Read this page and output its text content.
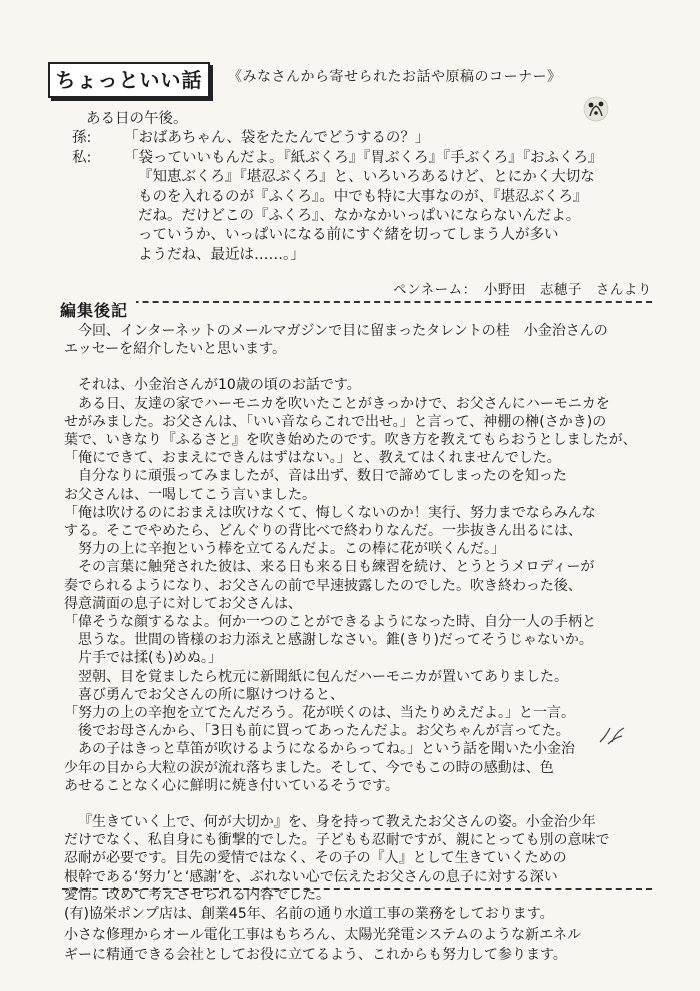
ちょっといい話	《みなさんから寄せられたお話や原稿のコーナー》
ある日の午後。
孫:	「おばあちゃん、袋をたたんでどうするの？」
私:	「袋っていいもんだよ。『紙ぶくろ』『胃ぶくろ』『手ぶくろ』『おふくろ』
『知恵ぶくろ』『堪忍ぶくろ』と、いろいろあるけど、とにかく大切な
ものを入れるのが『ふくろ』。中でも特に大事なのが、『堪忍ぶくろ』
だね。だけどこの『ふくろ』、なかなかいっぱいにならないんだよ。
っていうか、いっぱいになる前にすぐ緒を切ってしまう人が多い
ようだね、最近は……。」
ペンネーム：　小野田　志穂子　さんより
編集後記
今回、インターネットのメールマガジンで目に留まったタレントの桂　小金治さんの
エッセーを紹介したいと思います。
それは、小金治さんが10歳の頃のお話です。
ある日、友達の家でハーモニカを吹いたことがきっかけで、お父さんにハーモニカを
せがみました。お父さんは、「いい音ならこれで出せ。」と言って、神棚の榊(さかき)の
葉で、いきなり『ふるさと』を吹き始めたのです。吹き方を教えてもらおうとしましたが、
「俺にできて、おまえにできんはずはない。」と、教えてはくれませんでした。
自分なりに頑張ってみましたが、音は出ず、数日で諦めてしまったのを知った
お父さんは、一喝してこう言いました。
「俺は吹けるのにおまえは吹けなくて、悔しくないのか！実行、努力までならみんな
する。そこでやめたら、どんぐりの背比べで終わりなんだ。一歩抜きん出るには、
努力の上に辛抱という棒を立てるんだよ。この棒に花が咲くんだ。」
その言葉に触発された彼は、来る日も来る日も練習を続け、とうとうメロディーが
奏でられるようになり、お父さんの前で早速披露したのでした。吹き終わった後、
得意満面の息子に対してお父さんは、
「偉そうな顔するなよ。何か一つのことができるようになった時、自分一人の手柄と
思うな。世間の皆様のお力添えと感謝しなさい。錐(きり)だってそうじゃないか。
片手では揉(も)めぬ。」
翌朝、目を覚ましたら枕元に新聞紙に包んだハーモニカが置いてありました。
喜び勇んでお父さんの所に駆けつけると、
「努力の上の辛抱を立てたんだろう。花が咲くのは、当たりめえだよ。」と一言。
後でお母さんから、「3日も前に買ってあったんだよ。お父ちゃんが言ってた。
あの子はきっと草笛が吹けるようになるからってね。」という話を聞いた小金治
少年の目から大粒の涙が流れ落ちました。そして、今でもこの時の感動は、色
あせることなく心に鮮明に焼き付いているそうです。
『生きていく上で、何が大切か』を、身を持って教えたお父さんの姿。小金治少年
だけでなく、私自身にも衝撃的でした。子どもも忍耐ですが、親にとっても別の意味で
忍耐が必要です。目先の愛情ではなく、その子の『人』として生きていくための
根幹である‘努力’と‘感謝’を、ぶれない心で伝えたお父さんの息子に対する深い
愛情。改めて考えさせられる内容でした。
(有)協栄ポンプ店は、創業45年、名前の通り水道工事の業務をしております。
小さな修理からオール電化工事はもちろん、太陽光発電システムのような新エネル
ギーに精通できる会社としてお役に立てるよう、これからも努力して参ります。
